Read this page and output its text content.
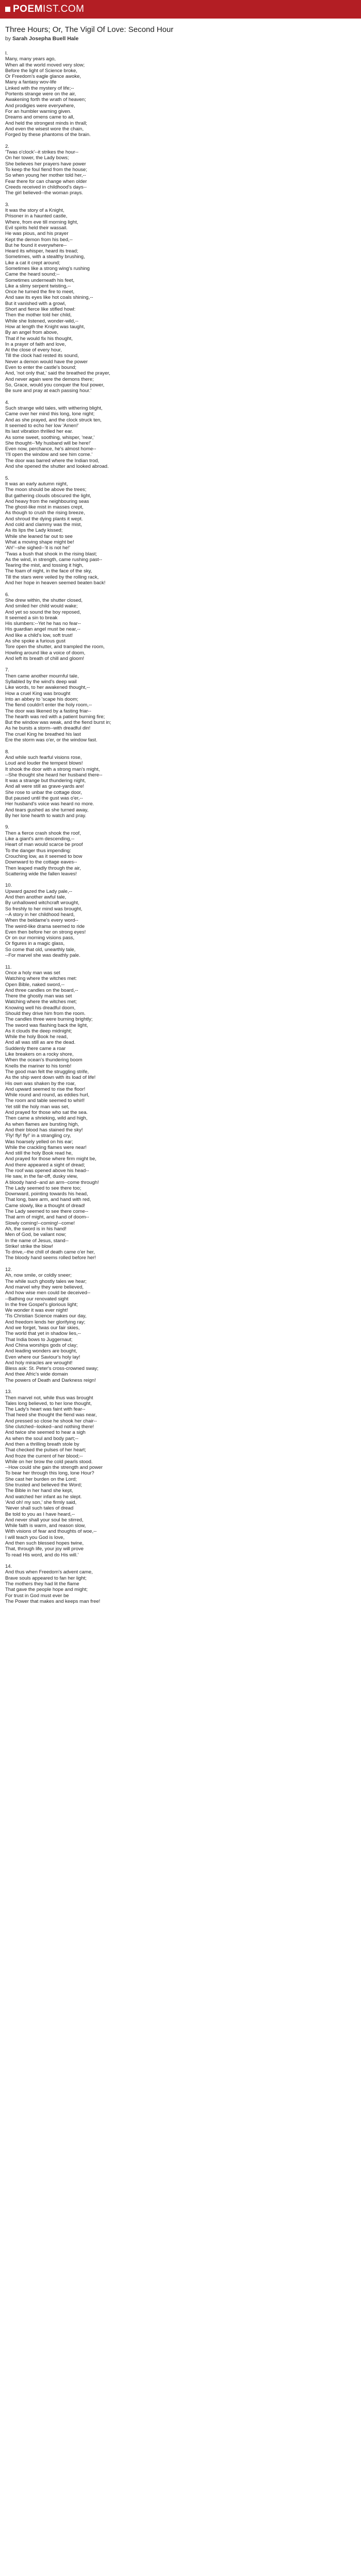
POEM IST.COM
Three Hours; Or, The Vigil Of Love: Second Hour
by Sarah Josepha Buell Hale
I.
Many, many years ago,
When all the world moved very slow;
Before the light of Science broke,
Or Freedom's eagle glance awoke,
Many a fantasy wov-life
Linked with the mystery of life;--
Portents strange were on the air,
Awakening forth the wrath of heaven;
And prodigies were everywhere,
For an humbler warning given.
Dreams and omens came to all,
And held the strongest minds in thrall;
And even the wisest wore the chain,
Forged by these phantoms of the brain.
2.
'Twas o'clock'--it strikes the hour--
On her tower, the Lady bows;
She believes her prayers have power
To keep the foul fiend from the house;
So when young her mother told her,--
Fear there for can change when older
Creeds received in childhood's days--
The girl believed--the woman prays.
3.
It was the story of a Knight,
Prisoner in a haunted castle,
Where, from eve till morning light,
Evil spirits held their wassail.
He was pious, and his prayer
Kept the demon from his bed,--
But he found it everywhere--
Heard its whisper, heard its tread;
Sometimes, with a stealthy brushing,
Like a cat it crept around;
Sometimes like a strong wing's rushing
Came the heard sound;--
Sometimes underneath his feet,
Like a slimy serpent twisting,--
Once he turned the fire to meet,
And saw its eyes like hot coals shining,--
But it vanished with a growl,
Short and fierce like stifled howl:
Then the mother told her child,
While she listened, wonder-wild,--
How at length the Knight was taught,
By an angel from above,
That if he would fix his thought,
In a prayer of faith and love,
At the close of every hour,
Till the clock had rested its sound,
Never a demon would have the power
Even to enter the castle's bound;
And, 'not only that,' said the breathed the prayer,
And never again were the demons there;
So, Grace, would you conquer the foul power,
Be sure and pray at each passing hour.'
4.
Such strange wild tales, with withering blight,
Came over her mind this long, lone night;
And as she prayed, and the clock struck ten,
It seemed to echo her low 'Amen!'
Its last vibration thrilled her ear.
As some sweet, soothing, whisper, 'near,'
She thought--'My husband will be here!'
Even now, perchance, he's almost home--
'I'll open the window and see him come.'
The door was barred where the Indian trod,
And she opened the shutter and looked abroad.
5.
It was an early autumn night,
The moon should be above the trees;
But gathering clouds obscured the light,
And heavy from the neighbouring seas
The ghost-like mist in masses crept,
As though to crush the rising breeze,
And shroud the dying plants it wept.
And cold and clammy was the mist,
As its lips the Lady kissed;
While she leaned far out to see
What a moving shape might be!
'Ah!'--she sighed--'it is not he!'
'Twas a bush that shook in the rising blast;
As the wind, in strength, came rushing past--
Tearing the mist, and tossing it high,
The foam of night, in the face of the sky,
Till the stars were veiled by the rolling rack,
And her hope in heaven seemed beaten back!
6.
She drew within, the shutter closed,
And smiled her child would wake;
And yet so sound the boy reposed,
It seemed a sin to break
His slumbers:--Yet he has no fear--
His guardian angel must be near,--
And like a child's low, soft trust!
As she spoke a furious gust
Tore open the shutter, and trampled the room,
Howling around like a voice of doom,
And left its breath of chill and gloom!
7.
Then came another mournful tale,
Syllabled by the wind's deep wail
Like words, to her awakened thought,--
How a cruel King was brought
Into an abbey to 'scape his doom;
The fiend couldn't enter the holy room,--
The door was likened by a fasting friar--
The hearth was red with a patient burning fire;
But the window was weak, and the fiend burst in;
As he bursts a storm--with dreadful din!
The cruel King he breathed his last
Ere the storm was o'er, or the window fast.
8.
And while such fearful visions rose,
Loud and louder the tempest blows!
It shook the door with a strong man's might,
--She thought she heard her husband there--
It was a strange but thundering night,
And all were still as grave-yards are!
She rose to unbar the cottage door,
But paused until the gust was o'er,--
Her husband's voice was heard no more.
And tears gushed as she turned away,
By her lone hearth to watch and pray.
9.
Then a fierce crash shook the roof,
Like a giant's arm descending,--
Heart of man would scarce be proof
To the danger thus impending:
Crouching low, as it seemed to bow
Downward to the cottage eaves--
Then leaped madly through the air,
Scattering wide the fallen leaves!
10.
Upward gazed the Lady pale,--
And then another awful tale,
By unhallowed witchcraft wrought,
So freshly to her mind was brought,
--A story in her childhood heard,
When the beldame's every word--
The weird-like drama seemed to ride
Even then before her on strong eyes!
Or on our morning visions pass,
Or figures in a magic glass,
So come that old, unearthly tale,
--For marvel she was deathly pale.
11.
Once a holy man was set
Watching where the witches met:
Open Bible, naked sword,--
And three candles on the board,--
There the ghostly man was set
Watching where the witches met;
Knowing well his dreadful doom,
Should they drive him from the room.
The candles three were burning brightly;
The sword was flashing back the light,
As it clouds the deep midnight;
While the holy Book he read,
And all was still as are the dead.
Suddenly there came a roar
Like breakers on a rocky shore,
When the ocean's thundering boom
Knells the mariner to his tomb!
The good man felt the struggling strife,
As the ship went down with its load of life!
His own was shaken by the roar,
And upward seemed to rise the floor!
While round and round, as eddies hurl,
The room and table seemed to whirl!
Yet still the holy man was set,
And prayed for those who sat the sea.
Then came a shrieking, wild and high,
As when flames are bursting high,
And their blood has stained the sky!
'Fly! fly! fly!' in a strangling cry,
Was hoarsely yelled on his ear;
While the crackling flames were near!
And still the holy Book read he,
And prayed for those where firm might be,
And there appeared a sight of dread;
The roof was opened above his head--
He saw, in the far-off, dusky view,
A bloody hand--and an arm--come through!
The Lady seemed to see there too;
Downward, pointing towards his head,
That long, bare arm, and hand with red,
Came slowly, like a thought of dread!
The Lady seemed to see there come--
That arm of might, and hand of doom--
Slowly coming!--coming!--come!
Ah, the sword is in his hand!
Men of God, be valiant now;
In the name of Jesus, stand--
Strike! strike the blow!
To drive,--the chill of death came o'er her,
The bloody hand seems rolled before her!
12.
Ah, now smile, or coldly sneer;
The while such ghostly tales we hear;
And marvel why they were believed,
And how wise men could be deceived--
--Bathing our renovated sight
In the free Gospel's glorious light;
We wonder it was ever night!
'Tis Christian Science makes our day,
And freedom lends her glorifying ray;
And we forget, 'twas our fair skies,
The world that yet in shadow lies,--
That India bows to Juggernaut;
And China worships gods of clay;
And leading wonders are bought,
Even where our Saviour's holy lay!
And holy miracles are wrought!
Bless ask: St. Peter's cross-crowned sway;
And thee Afric's wide domain
The powers of Death and Darkness reign!
13.
Then marvel not, while thus was brought
Tales long believed, to her lone thought,
The Lady's heart was faint with fear--
That heed she thought the fiend was near,
And pressed so close he shook her chair--
She clutched--looked--and nothing there!
And twice she seemed to hear a sigh
As when the soul and body part;--
And then a thrilling breath stole by
That checked the pulses of her heart;
And froze the current of her blood;--
While on her brow the cold pearls stood.
--How could she gain the strength and power
To bear her through this long, lone Hour?
She cast her burden on the Lord;
She trusted and believed the Word;
The Bible in her hand she kept,
And watched her infant as he slept.
'And oh! my son,' she firmly said,
'Never shall such tales of dread
Be told to you as I have heard,--
And never shall your soul be stirred,
While faith is warm, and reason slow,
With visions of fear and thoughts of woe,--
I will teach you God is love,
And then such blessed hopes twine,
That, through life, your joy will prove
To read His word, and do His will.'
14.
And thus when Freedom's advent came,
Brave souls appeared to fan her light;
The mothers they had lit the flame
That gave the people hope and might;
For trust in God must ever be
The Power that makes and keeps man free!
